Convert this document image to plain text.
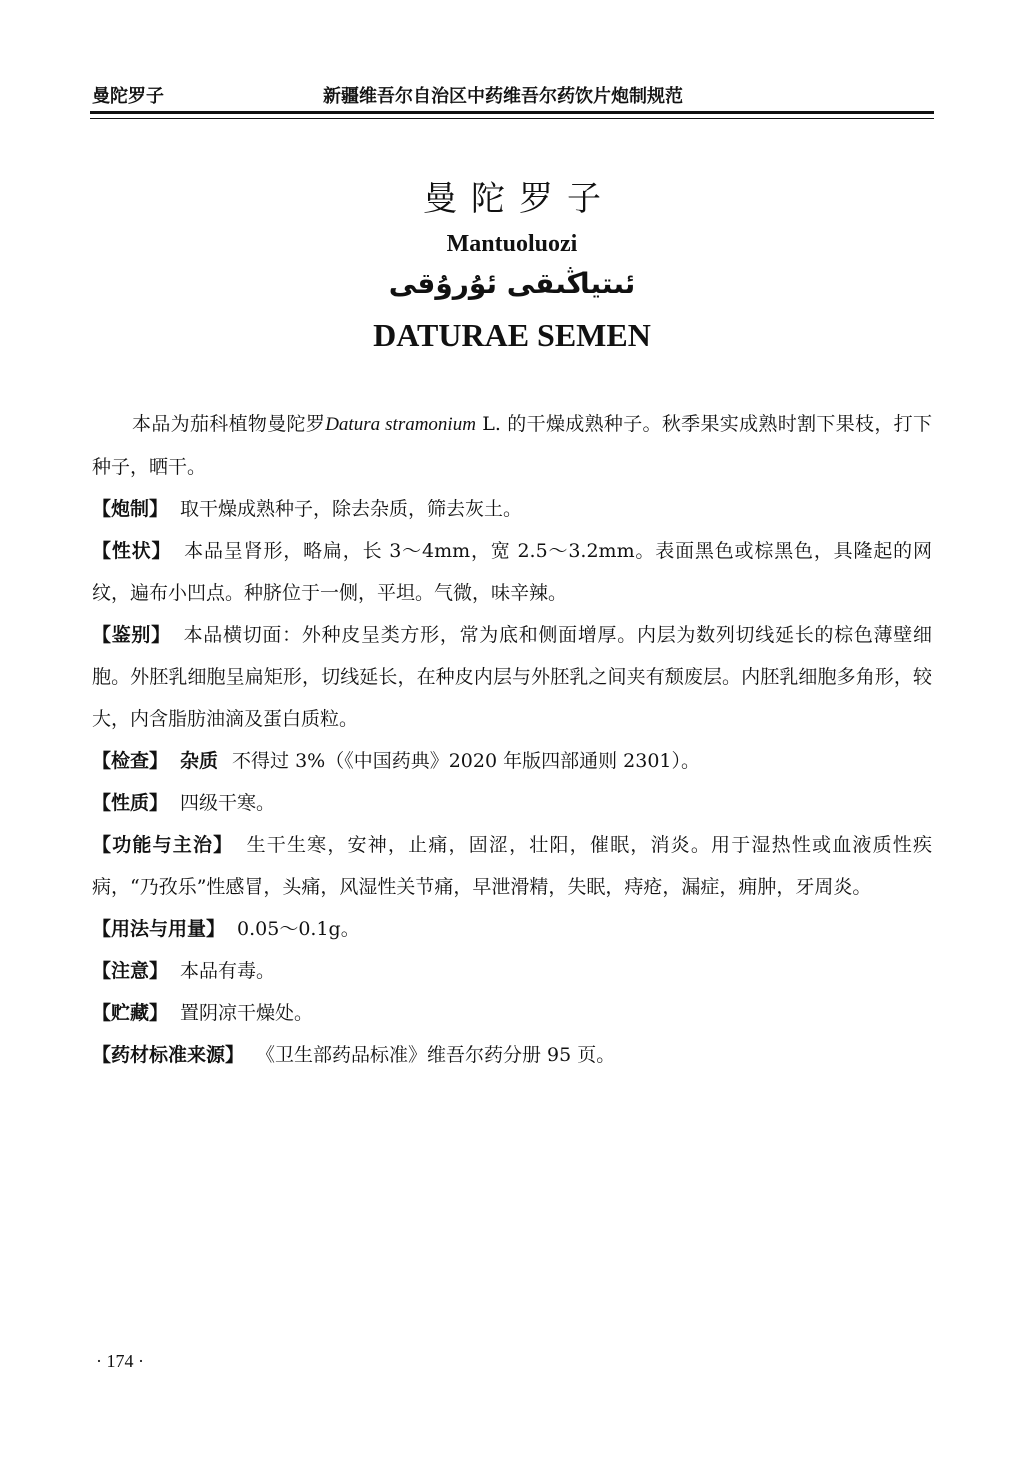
曼陀罗子	新疆维吾尔自治区中药维吾尔药饮片炮制规范
曼陀罗子
Mantuoluozi
ئىتياڭىقى ئۇرۇقى
DATURAE SEMEN

本品为茄科植物曼陀罗Datura stramonium L. 的干燥成熟种子。秋季果实成熟时割下果枝，打下种子，晒干。

【炮制】 取干燥成熟种子，除去杂质，筛去灰土。

【性状】 本品呈肾形，略扁，长 3～4mm，宽 2.5～3.2mm。表面黑色或棕黑色，具隆起的网纹，遍布小凹点。种脐位于一侧，平坦。气微，味辛辣。

【鉴别】 本品横切面：外种皮呈类方形，常为底和侧面增厚。内层为数列切线延长的棕色薄壁细胞。外胚乳细胞呈扁矩形，切线延长，在种皮内层与外胚乳之间夹有颓废层。内胚乳细胞多角形，较大，内含脂肪油滴及蛋白质粒。

【检查】 杂质 不得过 3%（《中国药典》2020 年版四部通则 2301）。

【性质】 四级干寒。

【功能与主治】 生干生寒，安神，止痛，固涩，壮阳，催眠，消炎。用于湿热性或血液质性疾病，“乃孜乐”性感冒，头痛，风湿性关节痛，早泄滑精，失眠，痔疮，漏症，痈肿，牙周炎。

【用法与用量】 0.05～0.1g。

【注意】 本品有毒。

【贮藏】 置阴凉干燥处。

【药材标准来源】 《卫生部药品标准》维吾尔药分册 95 页。

· 174 ·
